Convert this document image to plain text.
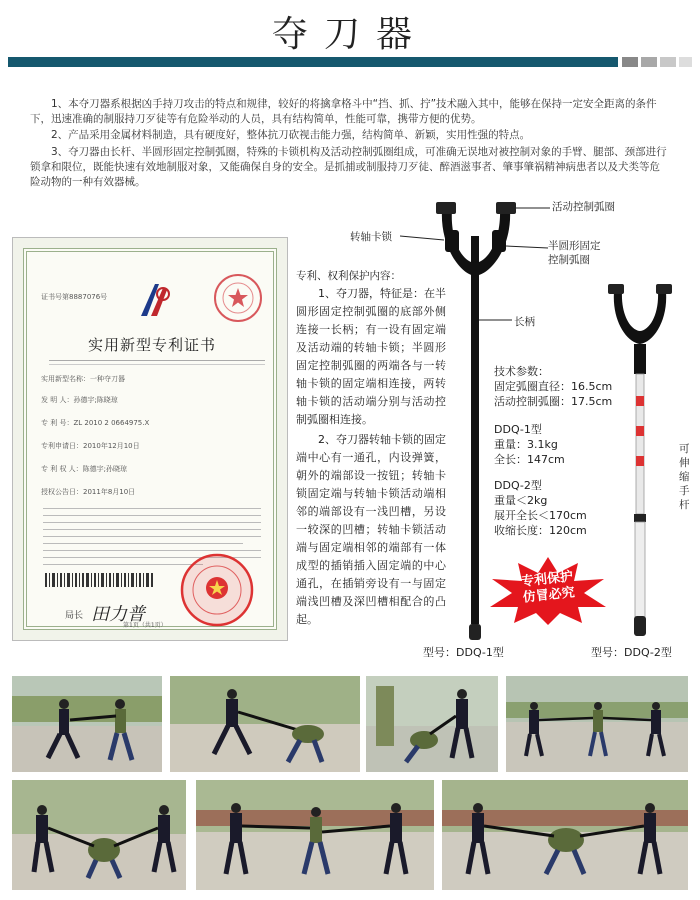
夺刀器
1、本夺刀器系根据凶手持刀攻击的特点和规律，较好的将擒拿格斗中“挡、抓、拧”技术融入其中，能够在保持一定安全距离的条件下，迅速准确的制服持刀歹徒等有危险举动的人员，具有结构简单，性能可靠，携带方便的优势。
2、产品采用金属材料制造，具有硬度好，整体抗刀砍视击能力强，结构简单、新颖，实用性强的特点。
3、夺刀器由长杆、半圆形固定控制弧圈，特殊的卡锁机构及活动控制弧圈组成，可准确无误地对被控制对象的手臂、腿部、颈部进行锁拿和限位，既能快速有效地制服对象，又能确保自身的安全。是抓捕或制服持刀歹徒、醉酒滋事者、肇事肇祸精神病患者以及犬类等危险动物的一种有效器械。
证书号第8887076号
实用新型专利证书
实用新型名称：一种夺刀器
发 明 人：孙德宇;陈晓琼
专 利 号：ZL 2010 2 0664975.X
专利申请日：2010年12月10日
专 利 权 人：陈德宇;孙晓琼
授权公告日：2011年8月10日
局长 田力普
第1页（共1页）
专利、权利保护内容：
1、夺刀器，特征是：在半圆形固定控制弧圈的底部外侧连接一长柄；有一设有固定端及活动端的转轴卡锁；半圆形固定控制弧圈的两端各与一转轴卡锁的固定端相连接，两转轴卡锁的活动端分别与活动控制弧圈相连接。
2、夺刀器转轴卡锁的固定端中心有一通孔，内设弹簧，朝外的端部设一按钮；转轴卡锁固定端与转轴卡锁活动端相邻的端部设有一浅凹槽，另设一较深的凹槽；转轴卡锁活动端与固定端相邻的端部有一体成型的插销插入固定端的中心通孔，在插销旁设有一与固定端浅凹槽及深凹槽相配合的凸起。
活动控制弧圈
转轴卡锁
半圆形固定
控制弧圈
长柄
可伸缩手杆
技术参数：
固定弧圈直径：16.5cm
活动控制弧圈：17.5cm
DDQ-1型
重量：3.1kg
全长：147cm
DDQ-2型
重量＜2kg
展开全长＜170cm
收缩长度：120cm
专利保护
仿冒必究
型号：DDQ-1型	型号：DDQ-2型
